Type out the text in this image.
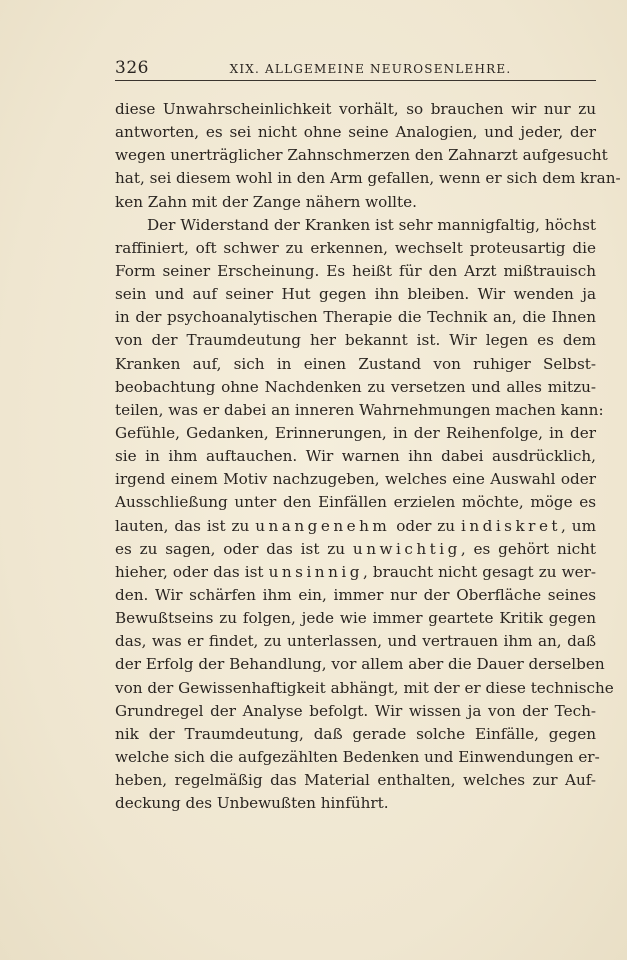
326	XIX. ALLGEMEINE NEUROSENLEHRE.
diese Unwahrscheinlichkeit vorhält, so brauchen wir nur zu
antworten, es sei nicht ohne seine Analogien, und jeder, der
wegen unerträglicher Zahnschmerzen den Zahnarzt aufgesucht
hat, sei diesem wohl in den Arm gefallen, wenn er sich dem kran-
ken Zahn mit der Zange nähern wollte.
Der Widerstand der Kranken ist sehr mannigfaltig, höchst
raffiniert, oft schwer zu erkennen, wechselt proteusartig die
Form seiner Erscheinung. Es heißt für den Arzt mißtrauisch
sein und auf seiner Hut gegen ihn bleiben. Wir wenden ja
in der psychoanalytischen Therapie die Technik an, die Ihnen
von der Traumdeutung her bekannt ist. Wir legen es dem
Kranken auf, sich in einen Zustand von ruhiger Selbst-
beobachtung ohne Nachdenken zu versetzen und alles mitzu-
teilen, was er dabei an inneren Wahrnehmungen machen kann:
Gefühle, Gedanken, Erinnerungen, in der Reihenfolge, in der
sie in ihm auftauchen. Wir warnen ihn dabei ausdrücklich,
irgend einem Motiv nachzugeben, welches eine Auswahl oder
Ausschließung unter den Einfällen erzielen möchte, möge es
lauten, das ist zu unangenehm oder zu indiskret, um
es zu sagen, oder das ist zu unwichtig, es gehört nicht
hieher, oder das ist unsinnig, braucht nicht gesagt zu wer-
den. Wir schärfen ihm ein, immer nur der Oberfläche seines
Bewußtseins zu folgen, jede wie immer geartete Kritik gegen
das, was er findet, zu unterlassen, und vertrauen ihm an, daß
der Erfolg der Behandlung, vor allem aber die Dauer derselben
von der Gewissenhaftigkeit abhängt, mit der er diese technische
Grundregel der Analyse befolgt. Wir wissen ja von der Tech-
nik der Traumdeutung, daß gerade solche Einfälle, gegen
welche sich die aufgezählten Bedenken und Einwendungen er-
heben, regelmäßig das Material enthalten, welches zur Auf-
deckung des Unbewußten hinführt.
